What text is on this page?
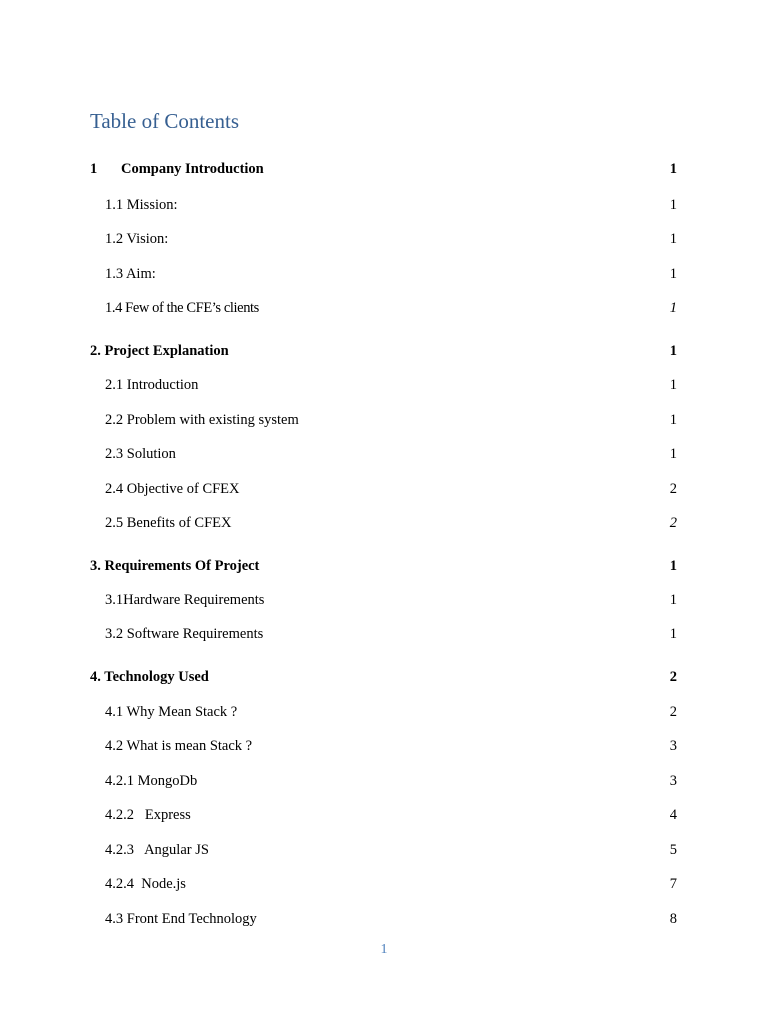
Table of Contents
1 Company Introduction	1
1.1 Mission:	1
1.2 Vision:	1
1.3 Aim:	1
1.4 Few of the CFE’s clients	1
2. Project Explanation	1
2.1 Introduction	1
2.2 Problem with existing system	1
2.3 Solution	1
2.4 Objective of CFEX	2
2.5 Benefits of CFEX	2
3. Requirements Of Project	1
3.1Hardware Requirements	1
3.2 Software Requirements	1
4. Technology Used	2
4.1 Why Mean Stack ?	2
4.2 What is mean Stack ?	3
4.2.1 MongoDb	3
4.2.2   Express	4
4.2.3   Angular JS	5
4.2.4  Node.js	7
4.3 Front End Technology	8
1
